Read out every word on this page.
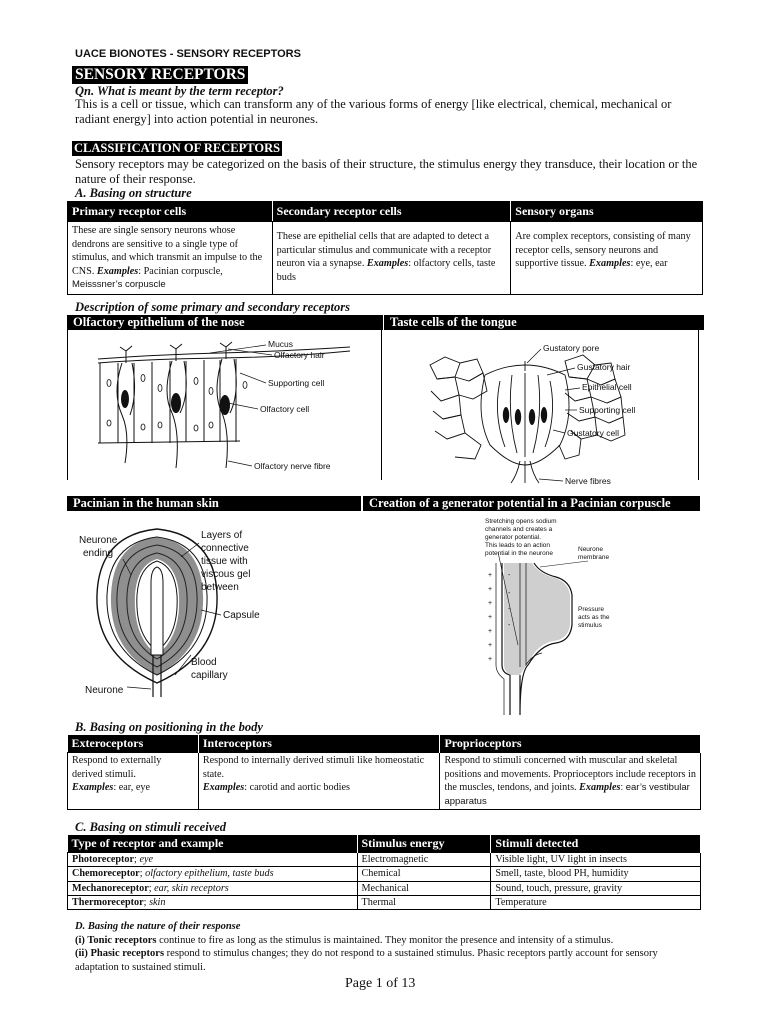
UACE BIONOTES - SENSORY RECEPTORS
SENSORY RECEPTORS
Qn. What is meant by the term receptor?
This is a cell or tissue, which can transform any of the various forms of energy [like electrical, chemical, mechanical or radiant energy] into action potential in neurones.
CLASSIFICATION OF RECEPTORS
Sensory receptors may be categorized on the basis of their structure, the stimulus energy they transduce, their location or the nature of their response.
A. Basing on structure
Primary receptor cells	Secondary receptor cells	Sensory organs
These are single sensory neurons whose dendrons are sensitive to a single type of stimulus, and which transmit an impulse to the CNS. Examples: Pacinian corpuscle, Meisssner’s corpuscle	These are epithelial cells that are adapted to detect a particular stimulus and communicate with a receptor neuron via a synapse. Examples: olfactory cells, taste buds	Are complex receptors, consisting of many receptor cells, sensory neurons and supportive tissue. Examples: eye, ear
Description of some primary and secondary receptors
Olfactory epithelium of the nose	Taste cells of the tongue
Mucus
Olfactory hair
Supporting cell
Olfactory cell
Olfactory nerve fibre
Gustatory pore
Gustatory hair
Epithelial cell
Supporting cell
Gustatory cell
Nerve fibres
Pacinian in the human skin	Creation of a generator potential in a Pacinian corpuscle
Neurone
ending
Layers of
connective
tissue with
viscous gel
between
Capsule
Blood
capillary
Neurone
+
+
+
+
+
+
+
-
-
-
-
Stretching opens sodium
channels and creates a
generator potential.
This leads to an action
potential in the neurone
Neurone
membrane
Pressure
acts as the
stimulus
B. Basing on positioning in the body
Exteroceptors	Interoceptors	Proprioceptors
Respond to externally derived stimuli.
Examples: ear, eye	Respond to internally derived stimuli like homeostatic state.
Examples: carotid and aortic bodies	Respond to stimuli concerned with muscular and skeletal positions and movements. Proprioceptors include receptors in the muscles, tendons, and joints. Examples: ear’s vestibular apparatus
C. Basing on stimuli received
Type of receptor and example	Stimulus energy	Stimuli detected
Photoreceptor; eye	Electromagnetic	Visible light, UV light in insects
Chemoreceptor; olfactory epithelium, taste buds	Chemical	Smell, taste, blood PH, humidity
Mechanoreceptor; ear, skin receptors	Mechanical	Sound, touch, pressure, gravity
Thermoreceptor; skin	Thermal	Temperature
D. Basing the nature of their response
(i) Tonic receptors continue to fire as long as the stimulus is maintained. They monitor the presence and intensity of a stimulus.
(ii) Phasic receptors respond to stimulus changes; they do not respond to a sustained stimulus. Phasic receptors partly account for sensory adaptation to sustained stimuli.
Page 1 of 13
